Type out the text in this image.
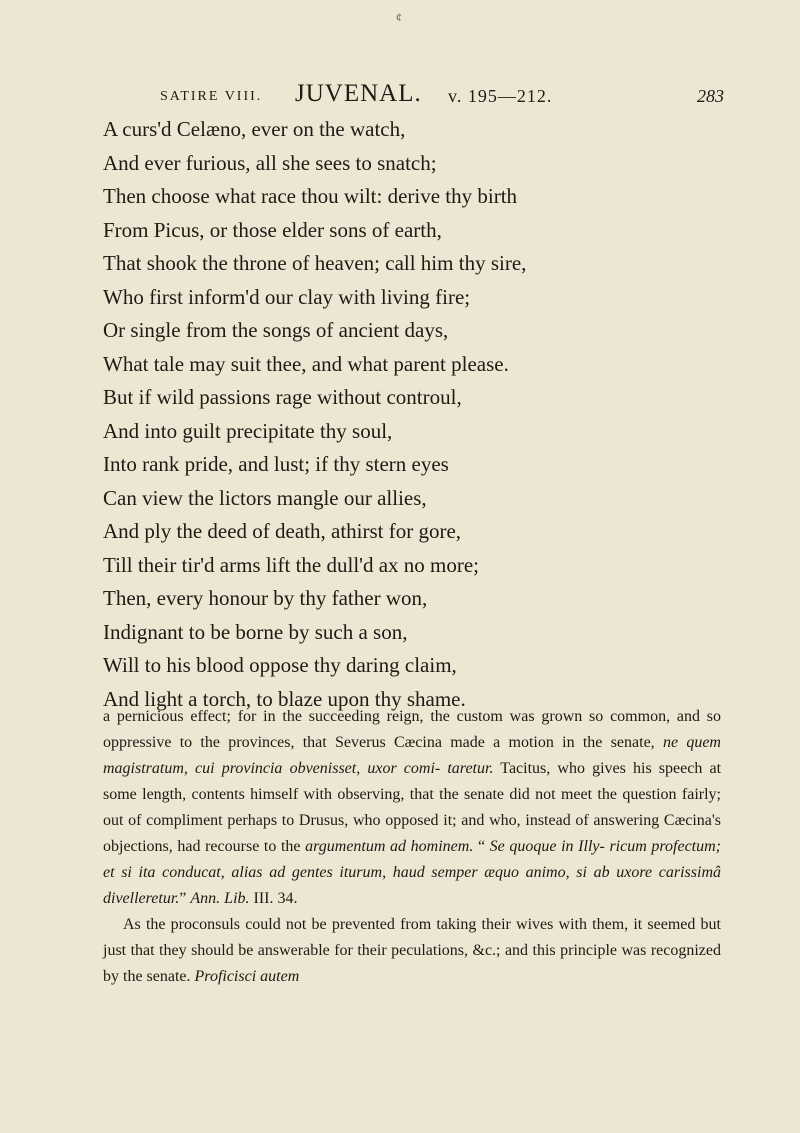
¢
SATIRE VIII. JUVENAL. v. 195—212.	283
A curs'd Celæno, ever on the watch,
And ever furious, all she sees to snatch;
Then choose what race thou wilt: derive thy birth
From Picus, or those elder sons of earth,
That shook the throne of heaven; call him thy sire,
Who first inform'd our clay with living fire;
Or single from the songs of ancient days,
What tale may suit thee, and what parent please.
But if wild passions rage without controul,
And into guilt precipitate thy soul,
Into rank pride, and lust; if thy stern eyes
Can view the lictors mangle our allies,
And ply the deed of death, athirst for gore,
Till their tir'd arms lift the dull'd ax no more;
Then, every honour by thy father won,
Indignant to be borne by such a son,
Will to his blood oppose thy daring claim,
And light a torch, to blaze upon thy shame.

a pernicious effect; for in the succeeding reign, the custom was grown so common, and so oppressive to the provinces, that Severus Cæcina made a motion in the senate, ne quem magistratum, cui provincia obvenisset, uxor comi- taretur. Tacitus, who gives his speech at some length, contents himself with observing, that the senate did not meet the question fairly; out of compliment perhaps to Drusus, who opposed it; and who, instead of answering Cæcina's objections, had recourse to the argumentum ad hominem. “ Se quoque in Illy- ricum profectum; et si ita conducat, alias ad gentes iturum, haud semper æquo animo, si ab uxore carissimâ divelleretur.” Ann. Lib. III. 34.

As the proconsuls could not be prevented from taking their wives with them, it seemed but just that they should be answerable for their peculations, &c.; and this principle was recognized by the senate. Proficisci autem
